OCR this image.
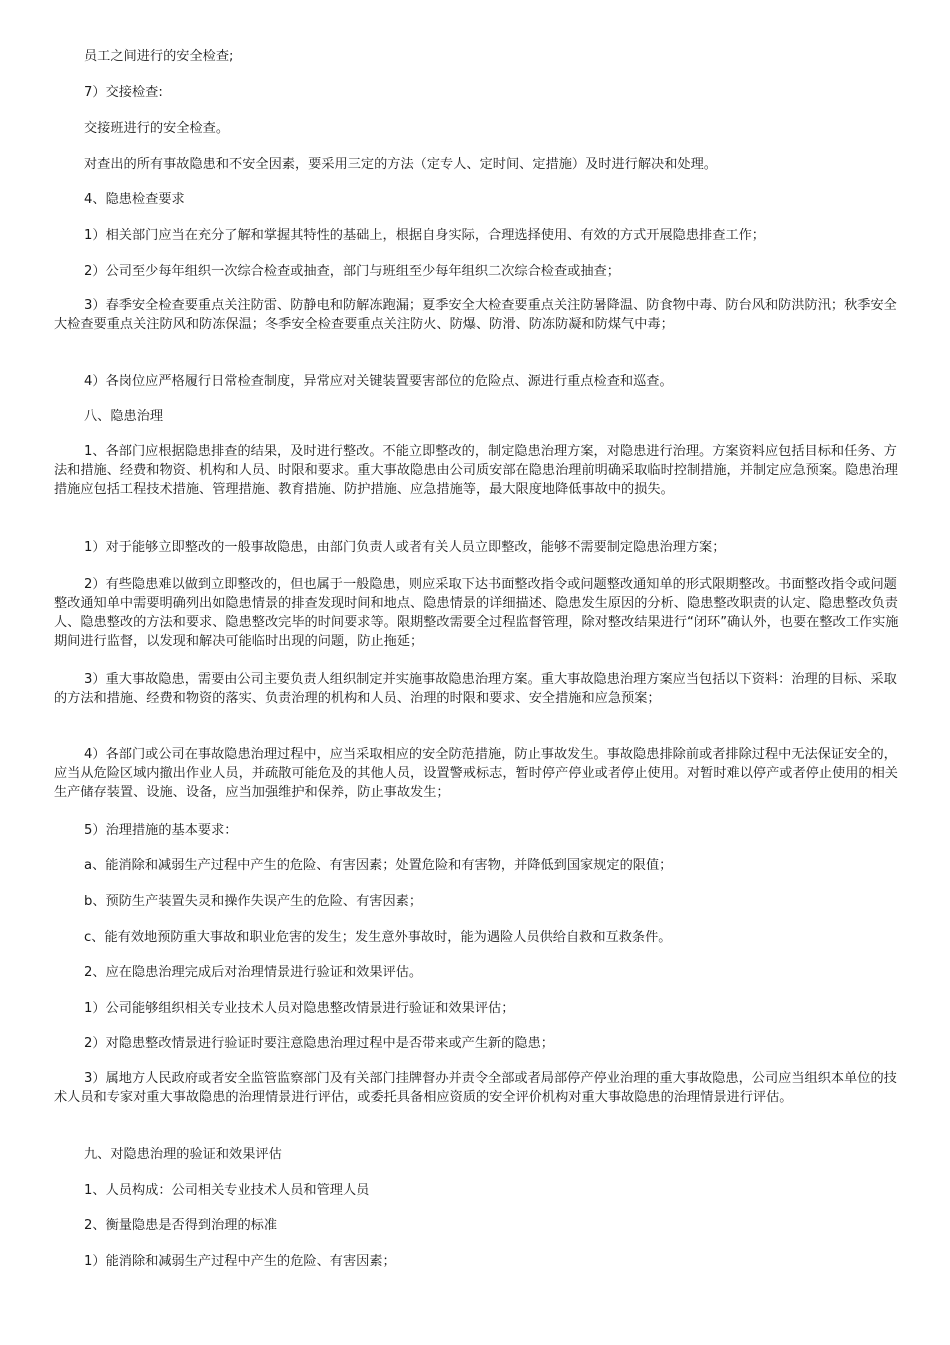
员工之间进行的安全检查;

7）交接检查:

交接班进行的安全检查。

对查出的所有事故隐患和不安全因素，要采用三定的方法（定专人、定时间、定措施）及时进行解决和处理。

4、隐患检查要求

1）相关部门应当在充分了解和掌握其特性的基础上，根据自身实际，合理选择使用、有效的方式开展隐患排查工作；

2）公司至少每年组织一次综合检查或抽查，部门与班组至少每年组织二次综合检查或抽查；

3）春季安全检查要重点关注防雷、防静电和防解冻跑漏；夏季安全大检查要重点关注防暑降温、防食物中毒、防台风和防洪防汛；秋季安全大检查要重点关注防风和防冻保温；冬季安全检查要重点关注防火、防爆、防滑、防冻防凝和防煤气中毒；

4）各岗位应严格履行日常检查制度，异常应对关键装置要害部位的危险点、源进行重点检查和巡查。

八、隐患治理

1、各部门应根据隐患排查的结果，及时进行整改。不能立即整改的，制定隐患治理方案，对隐患进行治理。方案资料应包括目标和任务、方法和措施、经费和物资、机构和人员、时限和要求。重大事故隐患由公司质安部在隐患治理前明确采取临时控制措施，并制定应急预案。隐患治理措施应包括工程技术措施、管理措施、教育措施、防护措施、应急措施等，最大限度地降低事故中的损失。

1）对于能够立即整改的一般事故隐患，由部门负责人或者有关人员立即整改，能够不需要制定隐患治理方案；

2）有些隐患难以做到立即整改的，但也属于一般隐患，则应采取下达书面整改指令或问题整改通知单的形式限期整改。书面整改指令或问题整改通知单中需要明确列出如隐患情景的排查发现时间和地点、隐患情景的详细描述、隐患发生原因的分析、隐患整改职责的认定、隐患整改负责人、隐患整改的方法和要求、隐患整改完毕的时间要求等。限期整改需要全过程监督管理，除对整改结果进行“闭环”确认外，也要在整改工作实施期间进行监督，以发现和解决可能临时出现的问题，防止拖延；

3）重大事故隐患，需要由公司主要负责人组织制定并实施事故隐患治理方案。重大事故隐患治理方案应当包括以下资料：治理的目标、采取的方法和措施、经费和物资的落实、负责治理的机构和人员、治理的时限和要求、安全措施和应急预案；

4）各部门或公司在事故隐患治理过程中，应当采取相应的安全防范措施，防止事故发生。事故隐患排除前或者排除过程中无法保证安全的，应当从危险区域内撤出作业人员，并疏散可能危及的其他人员，设置警戒标志，暂时停产停业或者停止使用。对暂时难以停产或者停止使用的相关生产储存装置、设施、设备，应当加强维护和保养，防止事故发生；

5）治理措施的基本要求：

a、能消除和减弱生产过程中产生的危险、有害因素；处置危险和有害物，并降低到国家规定的限值；

b、预防生产装置失灵和操作失误产生的危险、有害因素；

c、能有效地预防重大事故和职业危害的发生；发生意外事故时，能为遇险人员供给自救和互救条件。

2、应在隐患治理完成后对治理情景进行验证和效果评估。

1）公司能够组织相关专业技术人员对隐患整改情景进行验证和效果评估；

2）对隐患整改情景进行验证时要注意隐患治理过程中是否带来或产生新的隐患；

3）属地方人民政府或者安全监管监察部门及有关部门挂牌督办并责令全部或者局部停产停业治理的重大事故隐患，公司应当组织本单位的技术人员和专家对重大事故隐患的治理情景进行评估，或委托具备相应资质的安全评价机构对重大事故隐患的治理情景进行评估。

九、对隐患治理的验证和效果评估

1、人员构成：公司相关专业技术人员和管理人员

2、衡量隐患是否得到治理的标准

1）能消除和减弱生产过程中产生的危险、有害因素；
